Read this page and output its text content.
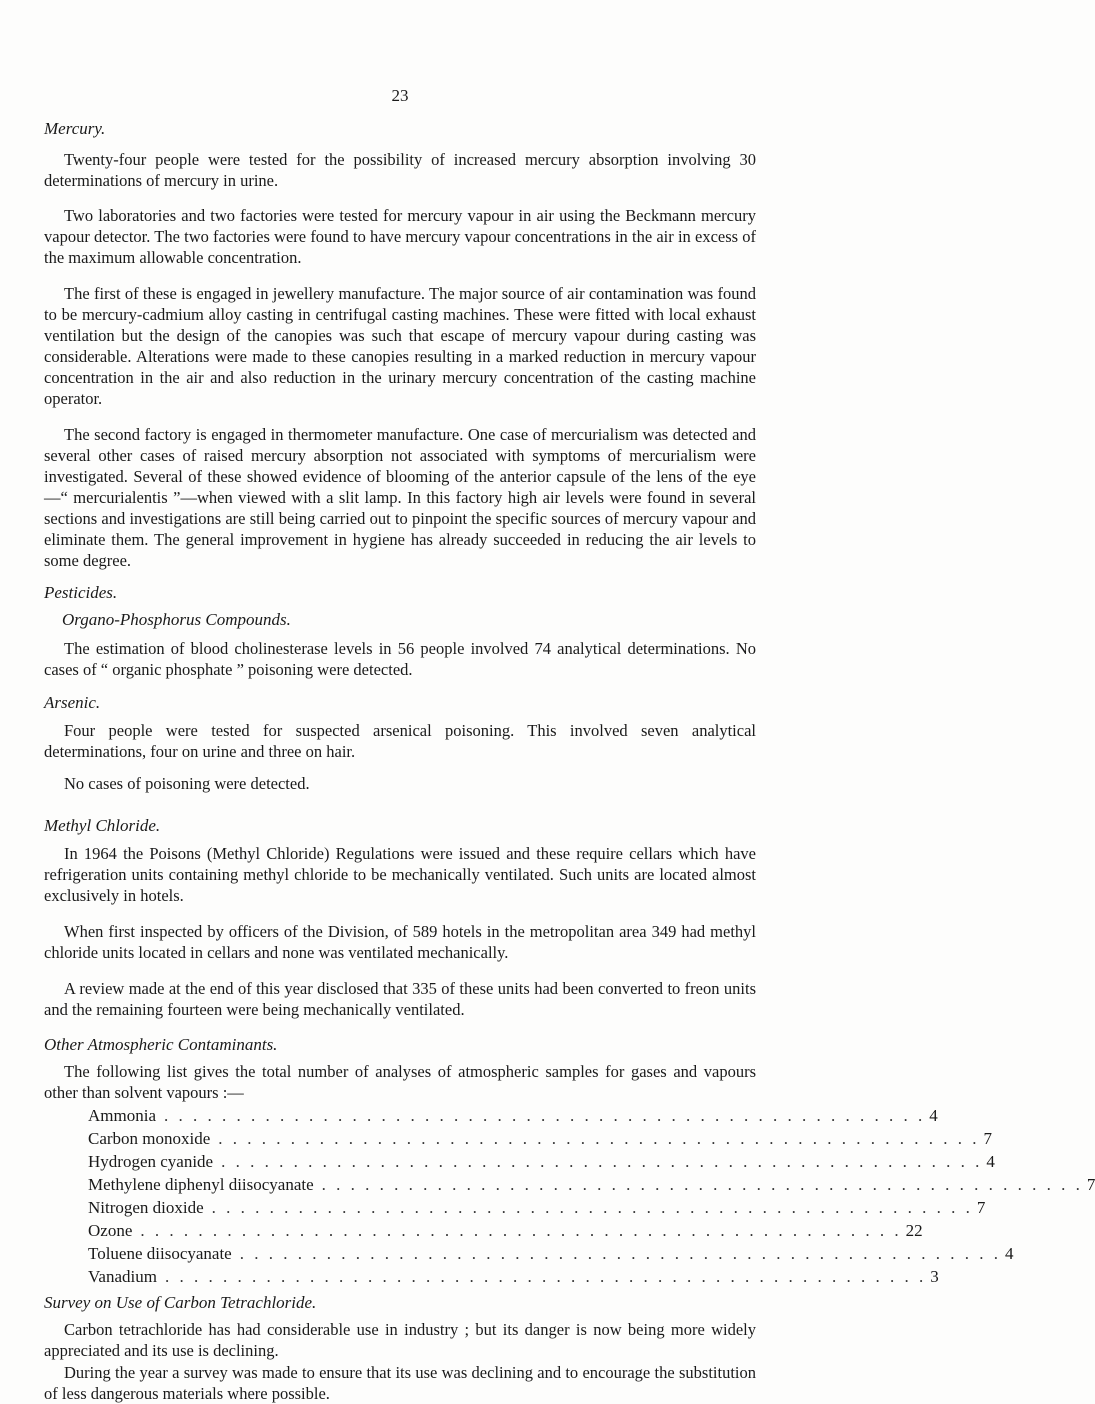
23
Mercury.

Twenty-four people were tested for the possibility of increased mercury absorption involving 30 determinations of mercury in urine.

Two laboratories and two factories were tested for mercury vapour in air using the Beckmann mercury vapour detector. The two factories were found to have mercury vapour concentrations in the air in excess of the maximum allowable concentration.

The first of these is engaged in jewellery manufacture. The major source of air contamination was found to be mercury-cadmium alloy casting in centrifugal casting machines. These were fitted with local exhaust ventilation but the design of the canopies was such that escape of mercury vapour during casting was considerable. Alterations were made to these canopies resulting in a marked reduction in mercury vapour concentration in the air and also reduction in the urinary mercury concentration of the casting machine operator.

The second factory is engaged in thermometer manufacture. One case of mercurialism was detected and several other cases of raised mercury absorption not associated with symptoms of mercurialism were investigated. Several of these showed evidence of blooming of the anterior capsule of the lens of the eye—“ mercurialentis ”—when viewed with a slit lamp. In this factory high air levels were found in several sections and investigations are still being carried out to pinpoint the specific sources of mercury vapour and eliminate them. The general improvement in hygiene has already succeeded in reducing the air levels to some degree.

Pesticides.
Organo-Phosphorus Compounds.

The estimation of blood cholinesterase levels in 56 people involved 74 analytical determinations. No cases of “ organic phosphate ” poisoning were detected.

Arsenic.

Four people were tested for suspected arsenical poisoning. This involved seven analytical determinations, four on urine and three on hair.

No cases of poisoning were detected.

Methyl Chloride.

In 1964 the Poisons (Methyl Chloride) Regulations were issued and these require cellars which have refrigeration units containing methyl chloride to be mechanically ventilated. Such units are located almost exclusively in hotels.

When first inspected by officers of the Division, of 589 hotels in the metropolitan area 349 had methyl chloride units located in cellars and none was ventilated mechanically.

A review made at the end of this year disclosed that 335 of these units had been converted to freon units and the remaining fourteen were being mechanically ventilated.

Other Atmospheric Contaminants.

The following list gives the total number of analyses of atmospheric samples for gases and vapours other than solvent vapours :—

Ammonia . . . . . . . . . . . . . . . . . . . . . . . . . . . . . . . . . . . . . . . . . . . . . . . . . . . . . 4
Carbon monoxide . . . . . . . . . . . . . . . . . . . . . . . . . . . . . . . . . . . . . . . . . . . . . . . . . . . . . 7
Hydrogen cyanide . . . . . . . . . . . . . . . . . . . . . . . . . . . . . . . . . . . . . . . . . . . . . . . . . . . . . 4
Methylene diphenyl diisocyanate . . . . . . . . . . . . . . . . . . . . . . . . . . . . . . . . . . . . . . . . . . . . . . . . . . . . . 7
Nitrogen dioxide . . . . . . . . . . . . . . . . . . . . . . . . . . . . . . . . . . . . . . . . . . . . . . . . . . . . . 7
Ozone . . . . . . . . . . . . . . . . . . . . . . . . . . . . . . . . . . . . . . . . . . . . . . . . . . . . . 22
Toluene diisocyanate . . . . . . . . . . . . . . . . . . . . . . . . . . . . . . . . . . . . . . . . . . . . . . . . . . . . . 4
Vanadium . . . . . . . . . . . . . . . . . . . . . . . . . . . . . . . . . . . . . . . . . . . . . . . . . . . . . 3
Survey on Use of Carbon Tetrachloride.

Carbon tetrachloride has had considerable use in industry ; but its danger is now being more widely appreciated and its use is declining.

During the year a survey was made to ensure that its use was declining and to encourage the substitution of less dangerous materials where possible.
